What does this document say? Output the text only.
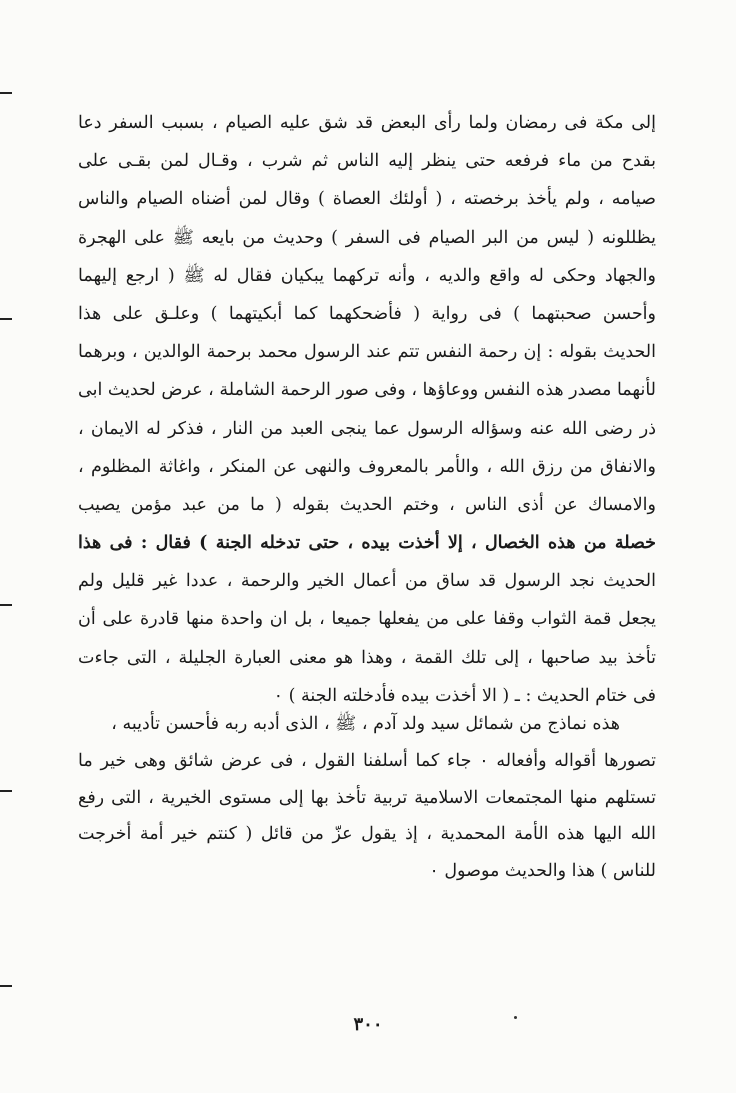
إلى مكة فى رمضان ولما رأى البعض قد شق عليه الصيام ، بسبب السفر دعا
بقدح من ماء فرفعه حتى ينظر إليه الناس ثم شرب ، وقـال لمن بقـى على
صيامه ، ولم يأخذ برخصته ، ( أولئك العصاة ) وقال لمن أضناه الصيام والناس
يظللونه ( ليس من البر الصيام فى السفر ) وحديث من بايعه ﷺ على الهجرة
والجهاد وحكى له واقع والديه ، وأنه تركهما يبكيان فقال له ﷺ ( ارجع إليهما
وأحسن صحبتهما ) فى رواية ( فأضحكهما كما أبكيتهما ) وعلـق على هذا
الحديث بقوله : إن رحمة النفس تتم عند الرسول محمد برحمة الوالدين ، وبرهما
لأنهما مصدر هذه النفس ووعاؤها ، وفى صور الرحمة الشاملة ، عرض لحديث ابى
ذر رضى الله عنه وسؤاله الرسول عما ينجى العبد من النار ، فذكر له الايمان ،
والانفاق من رزق الله ، والأمر بالمعروف والنهى عن المنكر ، واغاثة المظلوم ،
والامساك عن أذى الناس ، وختم الحديث بقوله ( ما من عبد مؤمن يصيب
خصلة من هذه الخصال ، إلا أخذت بيده ، حتى تدخله الجنة ) فقال : فى هذا
الحديث نجد الرسول قد ساق من أعمال الخير والرحمة ، عددا غير قليل ولم
يجعل قمة الثواب وقفا على من يفعلها جميعا ، بل ان واحدة منها قادرة على أن
تأخذ بيد صاحبها ، إلى تلك القمة ، وهذا هو معنى العبارة الجليلة ، التى جاءت
فى ختام الحديث : ـ ( الا أخذت بيده فأدخلته الجنة ) ٠
هذه نماذج من شمائل سيد ولد آدم ، ﷺ ، الذى أدبه ربه فأحسن تأديبه ،
تصورها أقواله وأفعاله ٠ جاء كما أسلفنا القول ، فى عرض شائق وهى خير ما
تستلهم منها المجتمعات الاسلامية تربية تأخذ بها إلى مستوى الخيرية ، التى رفع
الله اليها هذه الأمة المحمدية ، إذ يقول عزّ من قائل ( كنتم خير أمة أخرجت
للناس ) هذا والحديث موصول ٠
٣٠٠
